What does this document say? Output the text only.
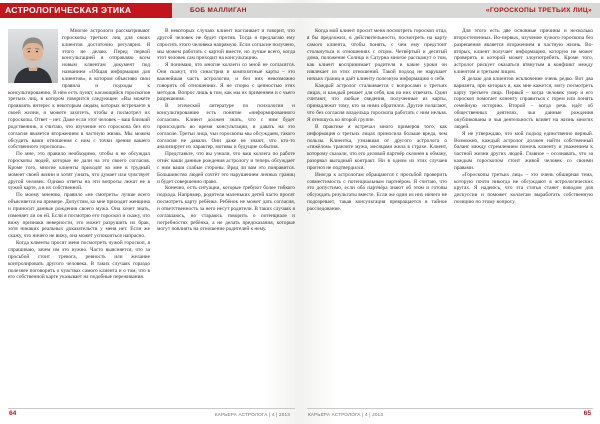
АСТРОЛОГИЧЕСКАЯ ЭТИКА	БОБ МАЛЛИГАН

Многие астрологи рассматривают гороскопы третьих лиц для своих клиентов достаточно регулярно. Я этого не делаю. Перед первой консультацией я отправляю всем новым клиентам документ под названием «Общая информация для клиентов», в котором объясняю свои правила и подходы к консультированию. В нём есть пункт, касающийся гороскопов третьих лиц, в котором говорится следующее: «Вы можете проявлять интерес к некоторым людям, которых встречаете в своей жизни, и можете захотеть, чтобы я посмотрел их гороскопы. Ответ – нет. Даже если этот человек – ваш близкий родственник, я считаю, что изучение его гороскопа без его согласия является вторжением в частную жизнь. Мы можем обсудить ваши отношения с ним с точки зрения вашего собственного гороскопа».

По мне, это правило необходимо, чтобы я не обсуждал гороскопы людей, которые не дали на это своего согласия. Кроме того, многие клиенты приходят ко мне в трудный момент своей жизни и хотят узнать, что думает или чувствует другой человек. Однако ответы на эти вопросы лежат не в чужой карте, а в их собственной.

По моему мнению, правило «не смотреть» лучше всего объясняется на примере. Допустим, ко мне приходит женщина и приносит данные рождения своего мужа. Она хочет знать, изменяет ли он ей. Если я посмотрю его гороскоп и скажу, что вижу признаки неверности, это может разрушить их брак, хотя никаких реальных доказательств у меня нет. Если же скажу, что ничего не вижу, она может успокоиться напрасно.

Когда клиенты просят меня посмотреть чужой гороскоп, я спрашиваю, зачем им это нужно. Часто выясняется, что за просьбой стоит тревога, ревность или желание контролировать другого человека. В таких случаях гораздо полезнее поговорить о чувствах самого клиента и о том, что в его собственной карте указывает на подобные переживания.

В некоторых случаях клиент настаивает и говорит, что другой человек не будет против. Тогда я предлагаю ему спросить этого человека напрямую. Если согласие получено, мы можем работать с картой вместе, но лучше всего, когда этот человек сам приходит на консультацию.

Я понимаю, что многие коллеги со мной не согласятся. Они скажут, что синастрия и композитные карты – это важнейшая часть астрологии, и без них невозможно говорить об отношениях. Я не спорю с ценностью этих методов. Вопрос лишь в том, как мы их применяем и с чьего разрешения.

В этической литературе по психологии и консультированию есть понятие «информированного согласия». Клиент должен знать, что с ним будет происходить во время консультации, и давать на это согласие. Третьи лица, чьи гороскопы мы обсуждаем, такого согласия не давали. Они даже не знают, что кто-то анализирует их характер, мотивы и будущие события.

Представьте, что вы узнали, что ваш коллега по работе отнёс ваши данные рождения астрологу и теперь обсуждает с ним ваши слабые стороны. Вряд ли вам это понравится. Большинство людей сочтёт это нарушением личных границ и будет совершенно право.

Конечно, есть ситуации, которые требуют более гибкого подхода. Например, родители маленьких детей часто просят посмотреть карту ребёнка. Ребёнок не может дать согласия, и ответственность за него несут родители. В таких случаях я соглашаюсь, но стараюсь говорить о потенциале и потребностях ребёнка, а не делать предсказания, которые могут повлиять на отношение родителей к нему.

64	КАРЬЕРА АСТРОЛОГА | 4 | 2013
«ГОРОСКОПЫ ТРЕТЬИХ ЛИЦ»

Когда мой клиент просит меня посмотреть гороскоп отца, я бы предложил, в действительности, посмотреть на карту самого клиента, чтобы понять, с чем ему предстоит столкнуться в отношениях с отцом. Четвёртый и десятый дома, положение Солнца и Сатурна многое расскажут о том, как клиент воспринимает родителя и какие уроки он извлекает из этих отношений. Такой подход не нарушает ничьих границ и даёт клиенту полезную информацию о себе.

Каждый астролог сталкивается с вопросами о третьих лицах, и каждый решает для себя, как на них отвечать. Одни считают, что любые сведения, полученные из карты, принадлежат тому, кто за ними обратился. Другие полагают, что без согласия владельца гороскопа работать с ним нельзя. Я отношусь ко второй группе.

В практике я встречал много примеров того, как информация о третьих лицах приносила больше вреда, чем пользы. Клиентка, узнавшая от другого астролога о «тяжёлом» транзите мужа, месяцами жила в страхе. Клиент, которому сказали, что его деловой партнёр склонен к обману, разорвал выгодный контракт. Ни в одном из этих случаев прогноз не подтвердился.

Иногда к астрологам обращаются с просьбой проверить совместимость с потенциальным партнёром. Я считаю, что это допустимо, если оба партнёра знают об этом и готовы обсуждать результаты вместе. Если же один из них ничего не подозревает, такая консультация превращается в тайное расследование.

Для этого есть две основные причины и несколько второстепенных. Во-первых, изучение чужого гороскопа без разрешения является вторжением в частную жизнь. Во-вторых, клиент получает информацию, которую не может проверить и которой может злоупотребить. Кроме того, астролог рискует оказаться втянутым в конфликт между клиентом и третьим лицом.

Я делаю для клиентов исключение очень редко. Вот два варианта, при которых я, как мне кажется, могу посмотреть карту третьего лица. Первый – когда человек умер и его гороскоп помогает клиенту справиться с горем или понять семейную историю. Второй – когда речь идёт об общественных деятелях, чьи данные рождения опубликованы и чья деятельность влияет на жизнь многих людей.

Я не утверждаю, что мой подход единственно верный. Возможно, каждый астролог должен найти собственный баланс между стремлением помочь клиенту и уважением к частной жизни других людей. Главное – осознавать, что за каждым гороскопом стоит живой человек со своими правами.

«Гороскопы третьих лиц» – это очень обширная тема, которую почти никогда не обсуждают в астрологических кругах. Я надеюсь, что эта статья станет поводом для дискуссии и поможет коллегам выработать собственную позицию по этому вопросу.

КАРЬЕРА АСТРОЛОГА | 4 | 2013	65
